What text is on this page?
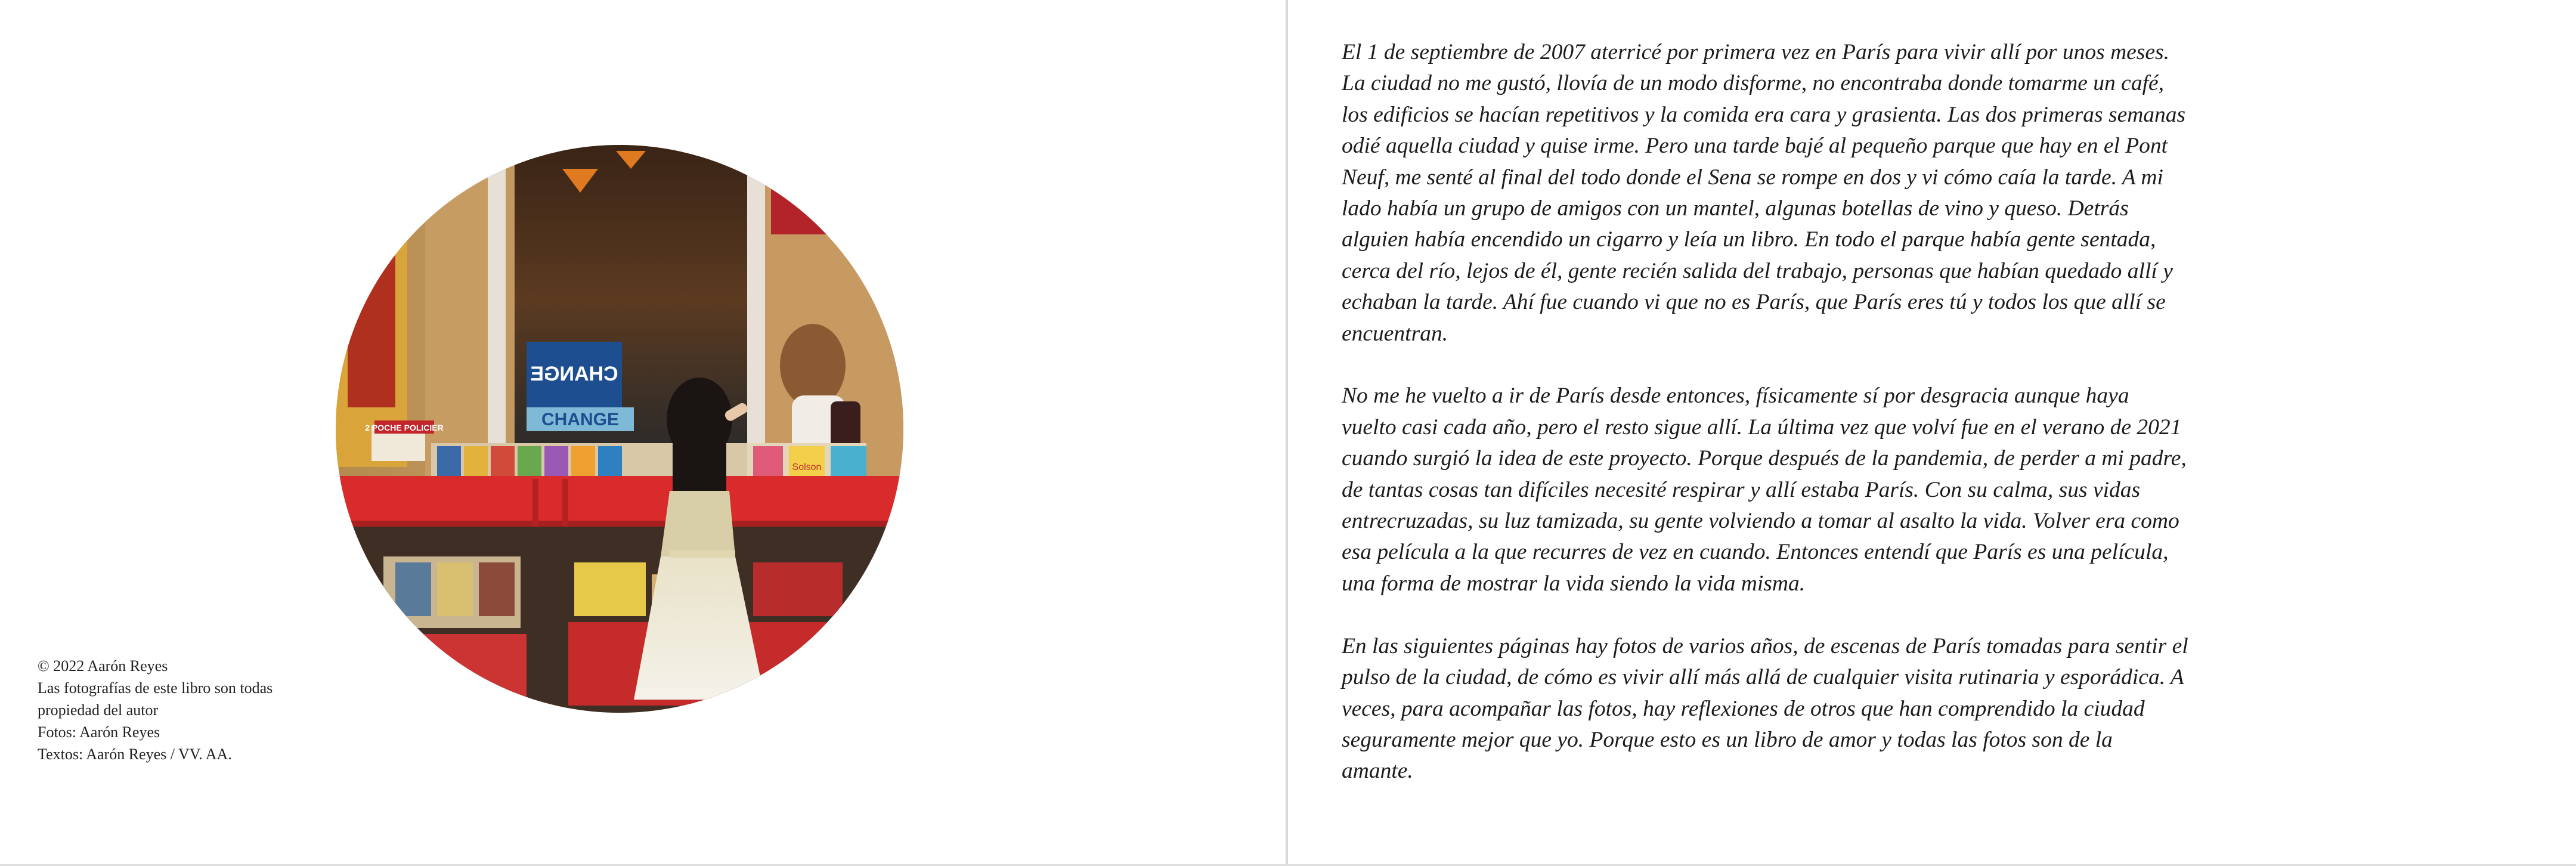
CHANGE
CHANGE
2 POCHE POLICIER
Solson
© 2022 Aarón Reyes
Las fotografías de este libro son todas propiedad del autor
Fotos: Aarón Reyes
Textos: Aarón Reyes / VV. AA.

El 1 de septiembre de 2007 aterricé por primera vez en París para vivir allí por unos meses. La ciudad no me gustó, llovía de un modo disforme, no encontraba donde tomarme un café, los edificios se hacían repetitivos y la comida era cara y grasienta. Las dos primeras semanas odié aquella ciudad y quise irme. Pero una tarde bajé al pequeño parque que hay en el Pont Neuf, me senté al final del todo donde el Sena se rompe en dos y vi cómo caía la tarde. A mi lado había un grupo de amigos con un mantel, algunas botellas de vino y queso. Detrás alguien había encendido un cigarro y leía un libro. En todo el parque había gente sentada, cerca del río, lejos de él, gente recién salida del trabajo, personas que habían quedado allí y echaban la tarde. Ahí fue cuando vi que no es París, que París eres tú y todos los que allí se encuentran.

No me he vuelto a ir de París desde entonces, físicamente sí por desgracia aunque haya vuelto casi cada año, pero el resto sigue allí. La última vez que volví fue en el verano de 2021 cuando surgió la idea de este proyecto. Porque después de la pandemia, de perder a mi padre, de tantas cosas tan difíciles necesité respirar y allí estaba París. Con su calma, sus vidas entrecruzadas, su luz tamizada, su gente volviendo a tomar al asalto la vida. Volver era como esa película a la que recurres de vez en cuando. Entonces entendí que París es una película, una forma de mostrar la vida siendo la vida misma.

En las siguientes páginas hay fotos de varios años, de escenas de París tomadas para sentir el pulso de la ciudad, de cómo es vivir allí más allá de cualquier visita rutinaria y esporádica. A veces, para acompañar las fotos, hay reflexiones de otros que han comprendido la ciudad seguramente mejor que yo. Porque esto es un libro de amor y todas las fotos son de la amante.
